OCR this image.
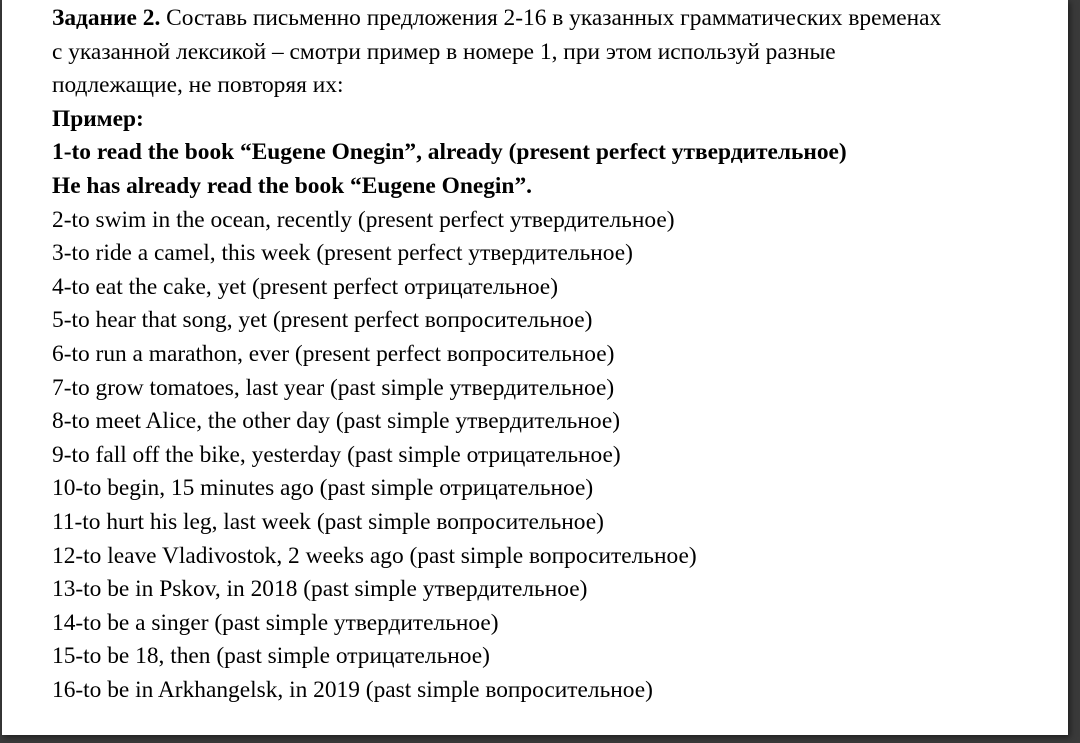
Задание 2. Составь письменно предложения 2-16 в указанных грамматических временах
с указанной лексикой – смотри пример в номере 1, при этом используй разные
подлежащие, не повторяя их:
Пример:
1-to read the book “Eugene Onegin”, already (present perfect утвердительное)
He has already read the book “Eugene Onegin”.
2-to swim in the ocean, recently (present perfect утвердительное)
3-to ride a camel, this week (present perfect утвердительное)
4-to eat the cake, yet (present perfect отрицательное)
5-to hear that song, yet (present perfect вопросительное)
6-to run a marathon, ever (present perfect вопросительное)
7-to grow tomatoes, last year (past simple утвердительное)
8-to meet Alice, the other day (past simple утвердительное)
9-to fall off the bike, yesterday (past simple отрицательное)
10-to begin, 15 minutes ago (past simple отрицательное)
11-to hurt his leg, last week (past simple вопросительное)
12-to leave Vladivostok, 2 weeks ago (past simple вопросительное)
13-to be in Pskov, in 2018 (past simple утвердительное)
14-to be a singer (past simple утвердительное)
15-to be 18, then (past simple отрицательное)
16-to be in Arkhangelsk, in 2019 (past simple вопросительное)
